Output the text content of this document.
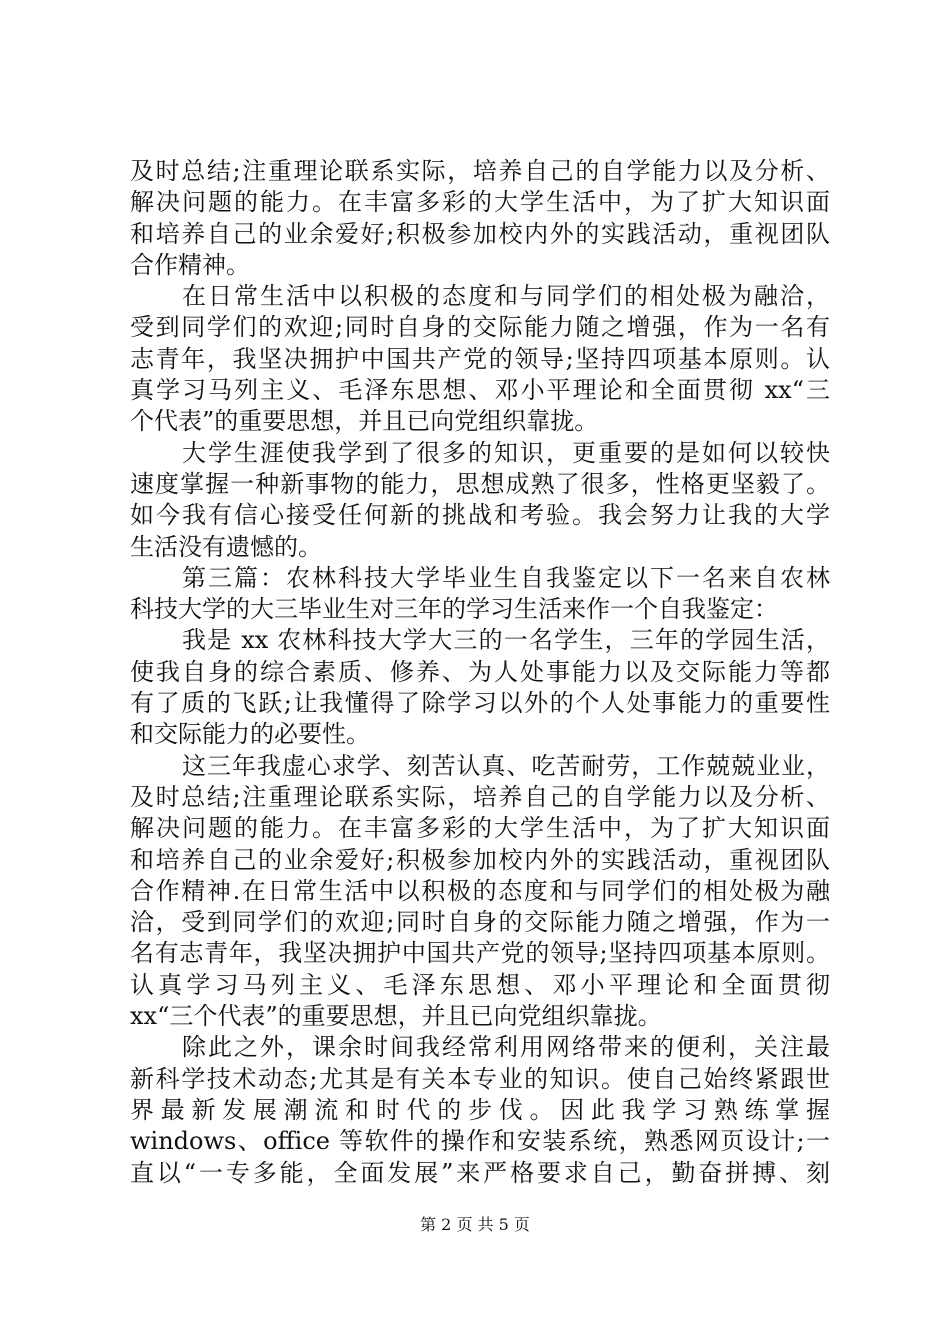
及时总结;注重理论联系实际，培养自己的自学能力以及分析、
解决问题的能力。在丰富多彩的大学生活中，为了扩大知识面
和培养自己的业余爱好;积极参加校内外的实践活动，重视团队
合作精神。
在日常生活中以积极的态度和与同学们的相处极为融洽，
受到同学们的欢迎;同时自身的交际能力随之增强，作为一名有
志青年，我坚决拥护中国共产党的领导;坚持四项基本原则。认
真学习马列主义、毛泽东思想、邓小平理论和全面贯彻 xx“三
个代表”的重要思想，并且已向党组织靠拢。
大学生涯使我学到了很多的知识，更重要的是如何以较快
速度掌握一种新事物的能力，思想成熟了很多，性格更坚毅了。
如今我有信心接受任何新的挑战和考验。我会努力让我的大学
生活没有遗憾的。
第三篇：农林科技大学毕业生自我鉴定以下一名来自农林
科技大学的大三毕业生对三年的学习生活来作一个自我鉴定：
我是 xx 农林科技大学大三的一名学生，三年的学园生活，
使我自身的综合素质、修养、为人处事能力以及交际能力等都
有了质的飞跃;让我懂得了除学习以外的个人处事能力的重要性
和交际能力的必要性。
这三年我虚心求学、刻苦认真、吃苦耐劳，工作兢兢业业，
及时总结;注重理论联系实际，培养自己的自学能力以及分析、
解决问题的能力。在丰富多彩的大学生活中，为了扩大知识面
和培养自己的业余爱好;积极参加校内外的实践活动，重视团队
合作精神.在日常生活中以积极的态度和与同学们的相处极为融
洽，受到同学们的欢迎;同时自身的交际能力随之增强，作为一
名有志青年，我坚决拥护中国共产党的领导;坚持四项基本原则。
认真学习马列主义、毛泽东思想、邓小平理论和全面贯彻
xx“三个代表”的重要思想，并且已向党组织靠拢。
除此之外，课余时间我经常利用网络带来的便利，关注最
新科学技术动态;尤其是有关本专业的知识。使自己始终紧跟世
界最新发展潮流和时代的步伐。因此我学习熟练掌握
windows、office 等软件的操作和安装系统，熟悉网页设计;一
直以“一专多能，全面发展”来严格要求自己，勤奋拼搏、刻
第 2 页 共 5 页
